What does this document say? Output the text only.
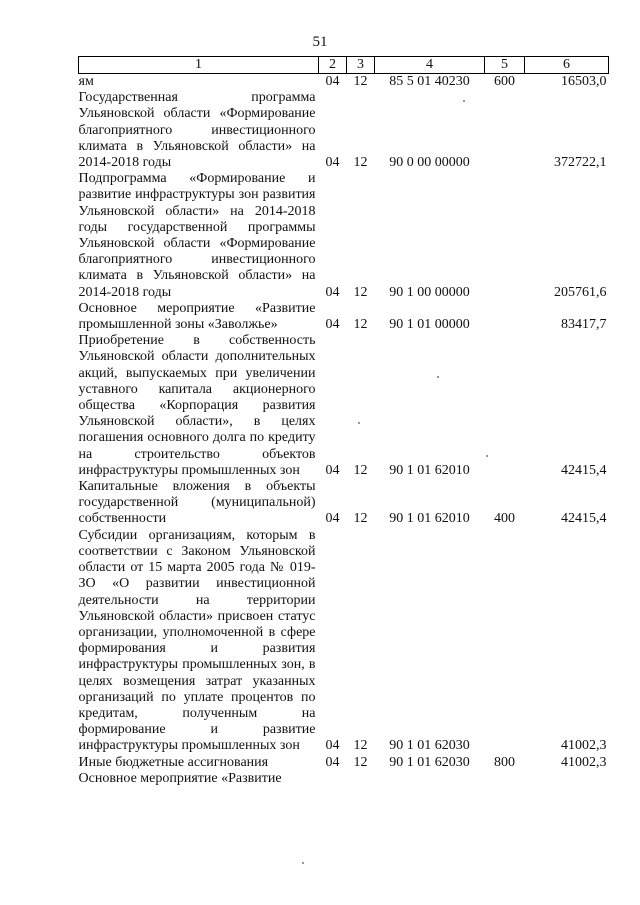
51
1	2	3	4	5	6
ям	04	12	85 5 01 40230	600	16503,0
Государственная программа Ульяновской области «Формирование благоприятного инвестиционного климата в Ульяновской области» на 2014-2018 годы	04	12	90 0 00 00000		372722,1
Подпрограмма «Формирование и развитие инфраструктуры зон развития Ульяновской области» на 2014-2018 годы государственной программы Ульяновской области «Формирование благоприятного инвестиционного климата в Ульяновской области» на 2014-2018 годы	04	12	90 1 00 00000		205761,6
Основное мероприятие «Развитие промышленной зоны «Заволжье»	04	12	90 1 01 00000		83417,7
Приобретение в собственность Ульяновской области дополнительных акций, выпускаемых при увеличении уставного капитала акционерного общества «Корпорация развития Ульяновской области», в целях погашения основного долга по кредиту на строительство объектов инфраструктуры промышленных зон	04	12	90 1 01 62010		42415,4
Капитальные вложения в объекты государственной (муниципальной) собственности	04	12	90 1 01 62010	400	42415,4
Субсидии организациям, которым в соответствии с Законом Ульяновской области от 15 марта 2005 года № 019-ЗО «О развитии инвестиционной деятельности на территории Ульяновской области» присвоен статус организации, уполномоченной в сфере формирования и развития инфраструктуры промышленных зон, в целях возмещения затрат указанных организаций по уплате процентов по кредитам, полученным на формирование и развитие инфраструктуры промышленных зон	04	12	90 1 01 62030		41002,3
Иные бюджетные ассигнования	04	12	90 1 01 62030	800	41002,3
Основное мероприятие «Развитие					
